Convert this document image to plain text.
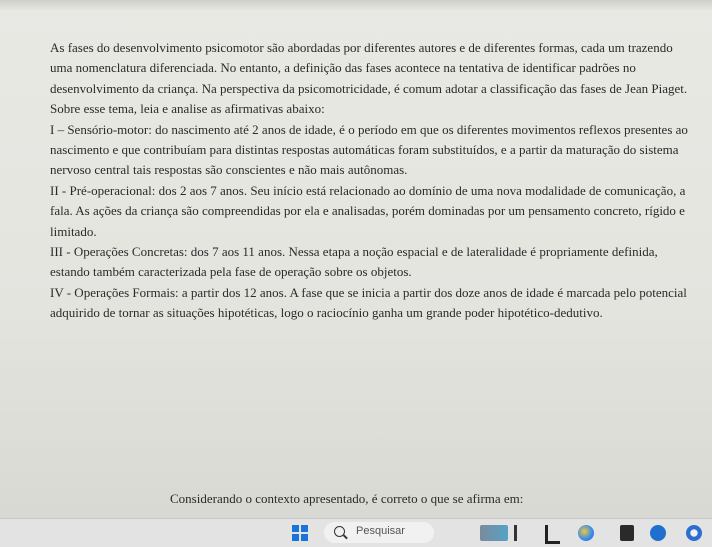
As fases do desenvolvimento psicomotor são abordadas por diferentes autores e de diferentes formas, cada um trazendo uma nomenclatura diferenciada. No entanto, a definição das fases acontece na tentativa de identificar padrões no desenvolvimento da criança. Na perspectiva da psicomotricidade, é comum adotar a classificação das fases de Jean Piaget.

Sobre esse tema, leia e analise as afirmativas abaixo:

I – Sensório-motor: do nascimento até 2 anos de idade, é o período em que os diferentes movimentos reflexos presentes ao nascimento e que contribuíam para distintas respostas automáticas foram substituídos, e a partir da maturação do sistema nervoso central tais respostas são conscientes e não mais autônomas.

II - Pré-operacional: dos 2 aos 7 anos. Seu início está relacionado ao domínio de uma nova modalidade de comunicação, a fala. As ações da criança são compreendidas por ela e analisadas, porém dominadas por um pensamento concreto, rígido e limitado.

III - Operações Concretas: dos 7 aos 11 anos. Nessa etapa a noção espacial e de lateralidade é propriamente definida, estando também caracterizada pela fase de operação sobre os objetos.

IV - Operações Formais: a partir dos 12 anos. A fase que se inicia a partir dos doze anos de idade é marcada pelo potencial adquirido de tornar as situações hipotéticas, logo o raciocínio ganha um grande poder hipotético-dedutivo.

Considerando o contexto apresentado, é correto o que se afirma em:
Pesquisar
